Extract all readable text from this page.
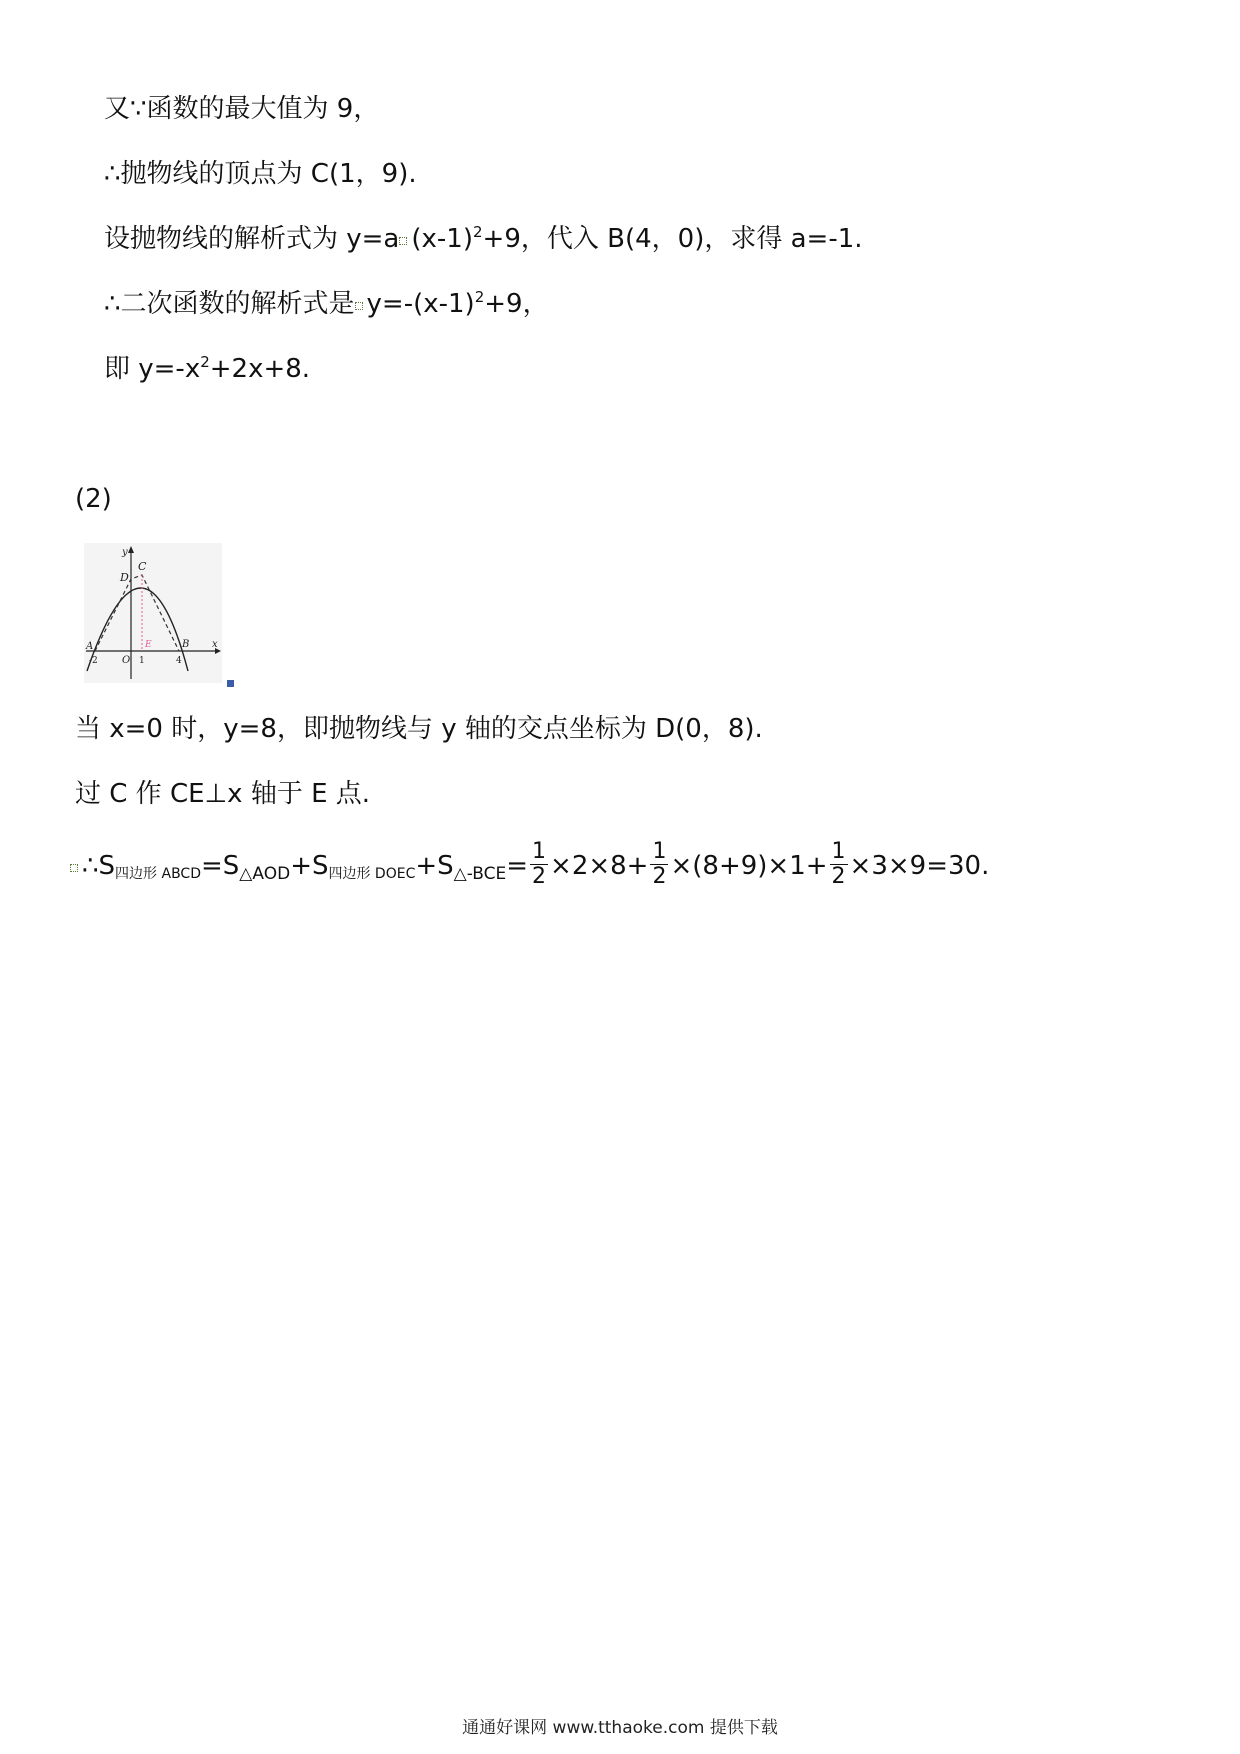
又∵函数的最大值为 9，
∴抛物线的顶点为 C(1，9).
设抛物线的解析式为 y=a $(x-1)^2+9$，代入 B(4，0)，求得 a=-1.
∴二次函数的解析式是 $y=-(x-1)^2+9$，
即 $y=-x^2+2x+8$.
(2)
y
x
C
D
A	B
O
E
-2	1	4
当 x=0 时，y=8，即抛物线与 y 轴的交点坐标为 D(0，8).
过 C 作 CE⊥x 轴于 E 点.
∴S四边形 $ABCD=S_{\triangle AOD}+S$四边形 $DOEC+S_{\triangle-BCE}= \frac{1}{2} \times 2\times 8+ \frac{1}{2} \times(8+9)\times 1+ \frac{1}{2} \times 3\times 9=30$.
通通好课网 www.tthaoke.com 提供下载
